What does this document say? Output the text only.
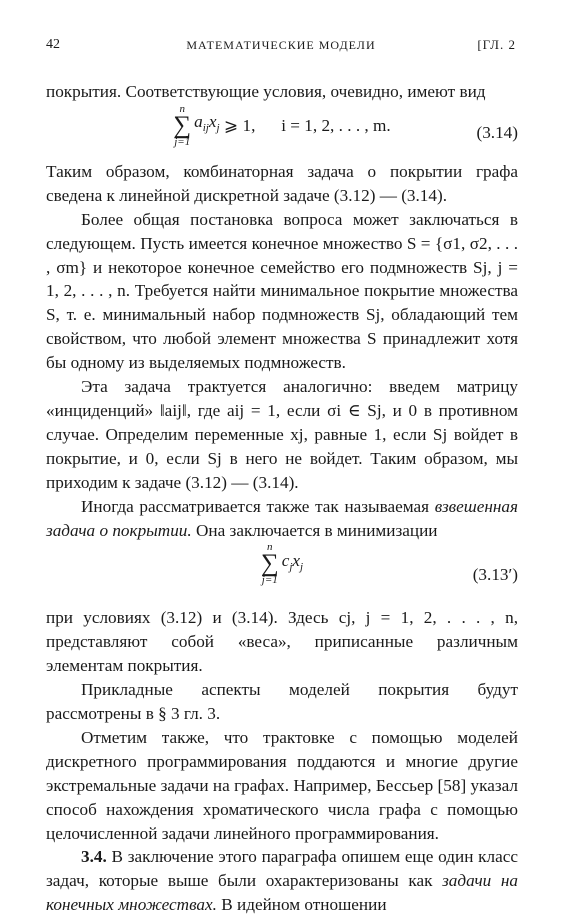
42	МАТЕМАТИЧЕСКИЕ МОДЕЛИ	[ГЛ. 2

покрытия. Соответствующие условия, очевидно, имеют вид

n
∑
j=1
$a_{ij}x_j$ ⩾ 1,      i = 1, 2, . . . , m.	(3.14)

Таким образом, комбинаторная задача о покрытии графа сведена к линейной дискретной задаче (3.12) — (3.14).

Более общая постановка вопроса может заключаться в следующем. Пусть имеется конечное множество S = {σ1, σ2, . . . , σm} и некоторое конечное семейство его подмножеств Sj, j = 1, 2, . . . , n. Требуется найти минимальное покрытие множества S, т. е. минимальный набор подмножеств Sj, обладающий тем свойством, что любой элемент множества S принадлежит хотя бы одному из выделяемых подмножеств.

Эта задача трактуется аналогично: введем матрицу «инциденций» ‖aij‖, где aij = 1, если σi ∈ Sj, и 0 в противном случае. Определим переменные xj, равные 1, если Sj войдет в покрытие, и 0, если Sj в него не войдет. Таким образом, мы приходим к задаче (3.12) — (3.14).

Иногда рассматривается также так называемая взвешенная задача о покрытии. Она заключается в минимизации

n
∑
j=1
$c_jx_j$	(3.13′)

при условиях (3.12) и (3.14). Здесь cj, j = 1, 2, . . . , n, представляют собой «веса», приписанные различным элементам покрытия.

Прикладные аспекты моделей покрытия будут рассмотрены в § 3 гл. 3.

Отметим также, что трактовке с помощью моделей дискретного программирования поддаются и многие другие экстремальные задачи на графах. Например, Бессьер [58] указал способ нахождения хроматического числа графа с помощью целочисленной задачи линейного программирования.

3.4. В заключение этого параграфа опишем еще один класс задач, которые выше были охарактеризованы как задачи на конечных множествах. В идейном отношении
